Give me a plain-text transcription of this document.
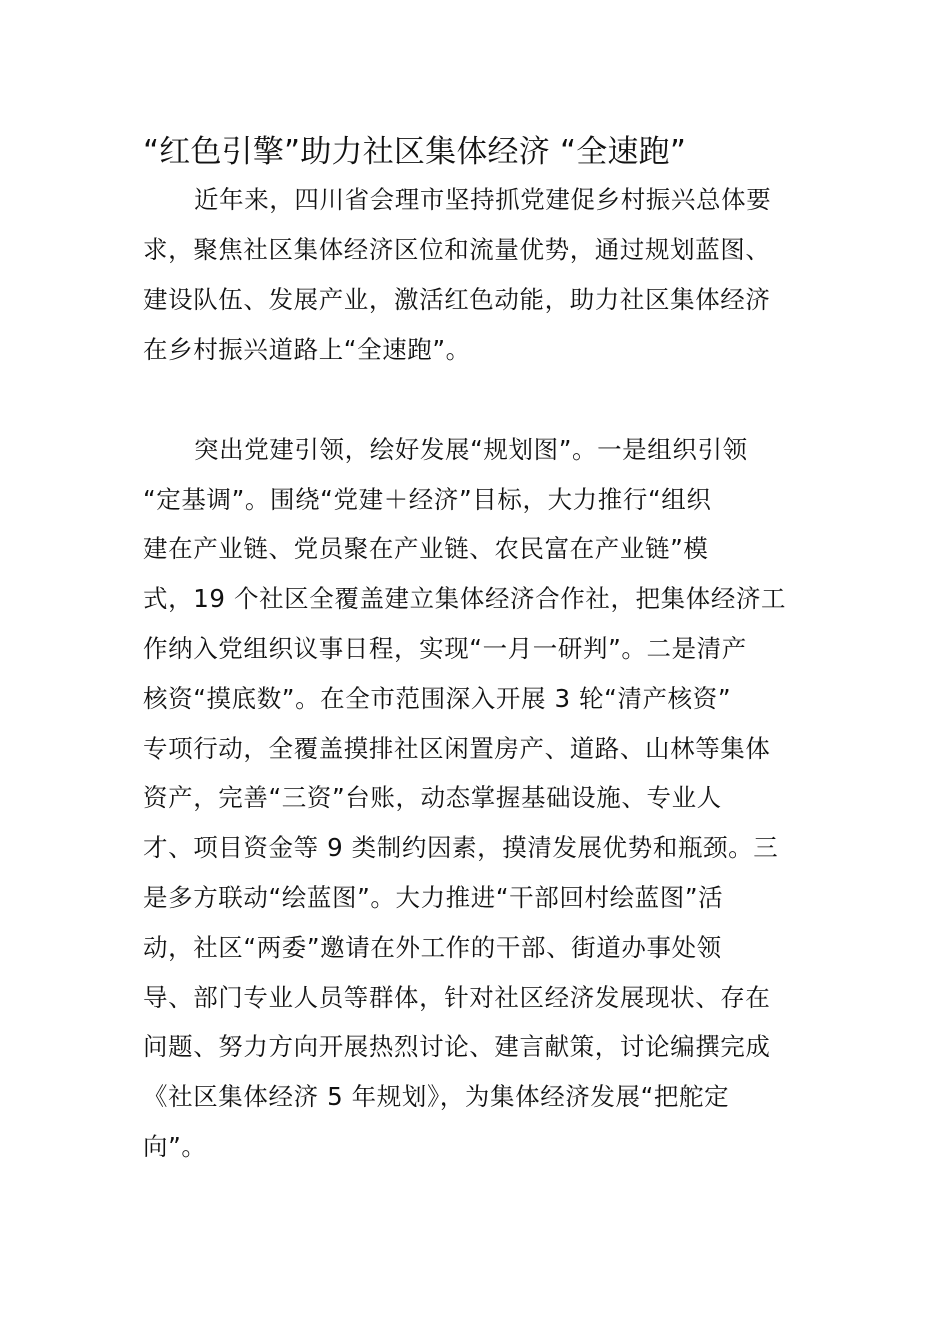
“红色引擎”助力社区集体经济 “全速跑”
近年来，四川省会理市坚持抓党建促乡村振兴总体要
求，聚焦社区集体经济区位和流量优势，通过规划蓝图、
建设队伍、发展产业，激活红色动能，助力社区集体经济
在乡村振兴道路上“全速跑”。
突出党建引领，绘好发展“规划图”。一是组织引领
“定基调”。围绕“党建＋经济”目标，大力推行“组织
建在产业链、党员聚在产业链、农民富在产业链”模
式，19 个社区全覆盖建立集体经济合作社，把集体经济工
作纳入党组织议事日程，实现“一月一研判”。二是清产
核资“摸底数”。在全市范围深入开展 3 轮“清产核资”
专项行动，全覆盖摸排社区闲置房产、道路、山林等集体
资产，完善“三资”台账，动态掌握基础设施、专业人
才、项目资金等 9 类制约因素，摸清发展优势和瓶颈。三
是多方联动“绘蓝图”。大力推进“干部回村绘蓝图”活
动，社区“两委”邀请在外工作的干部、街道办事处领
导、部门专业人员等群体，针对社区经济发展现状、存在
问题、努力方向开展热烈讨论、建言献策，讨论编撰完成
《社区集体经济 5 年规划》，为集体经济发展“把舵定
向”。
